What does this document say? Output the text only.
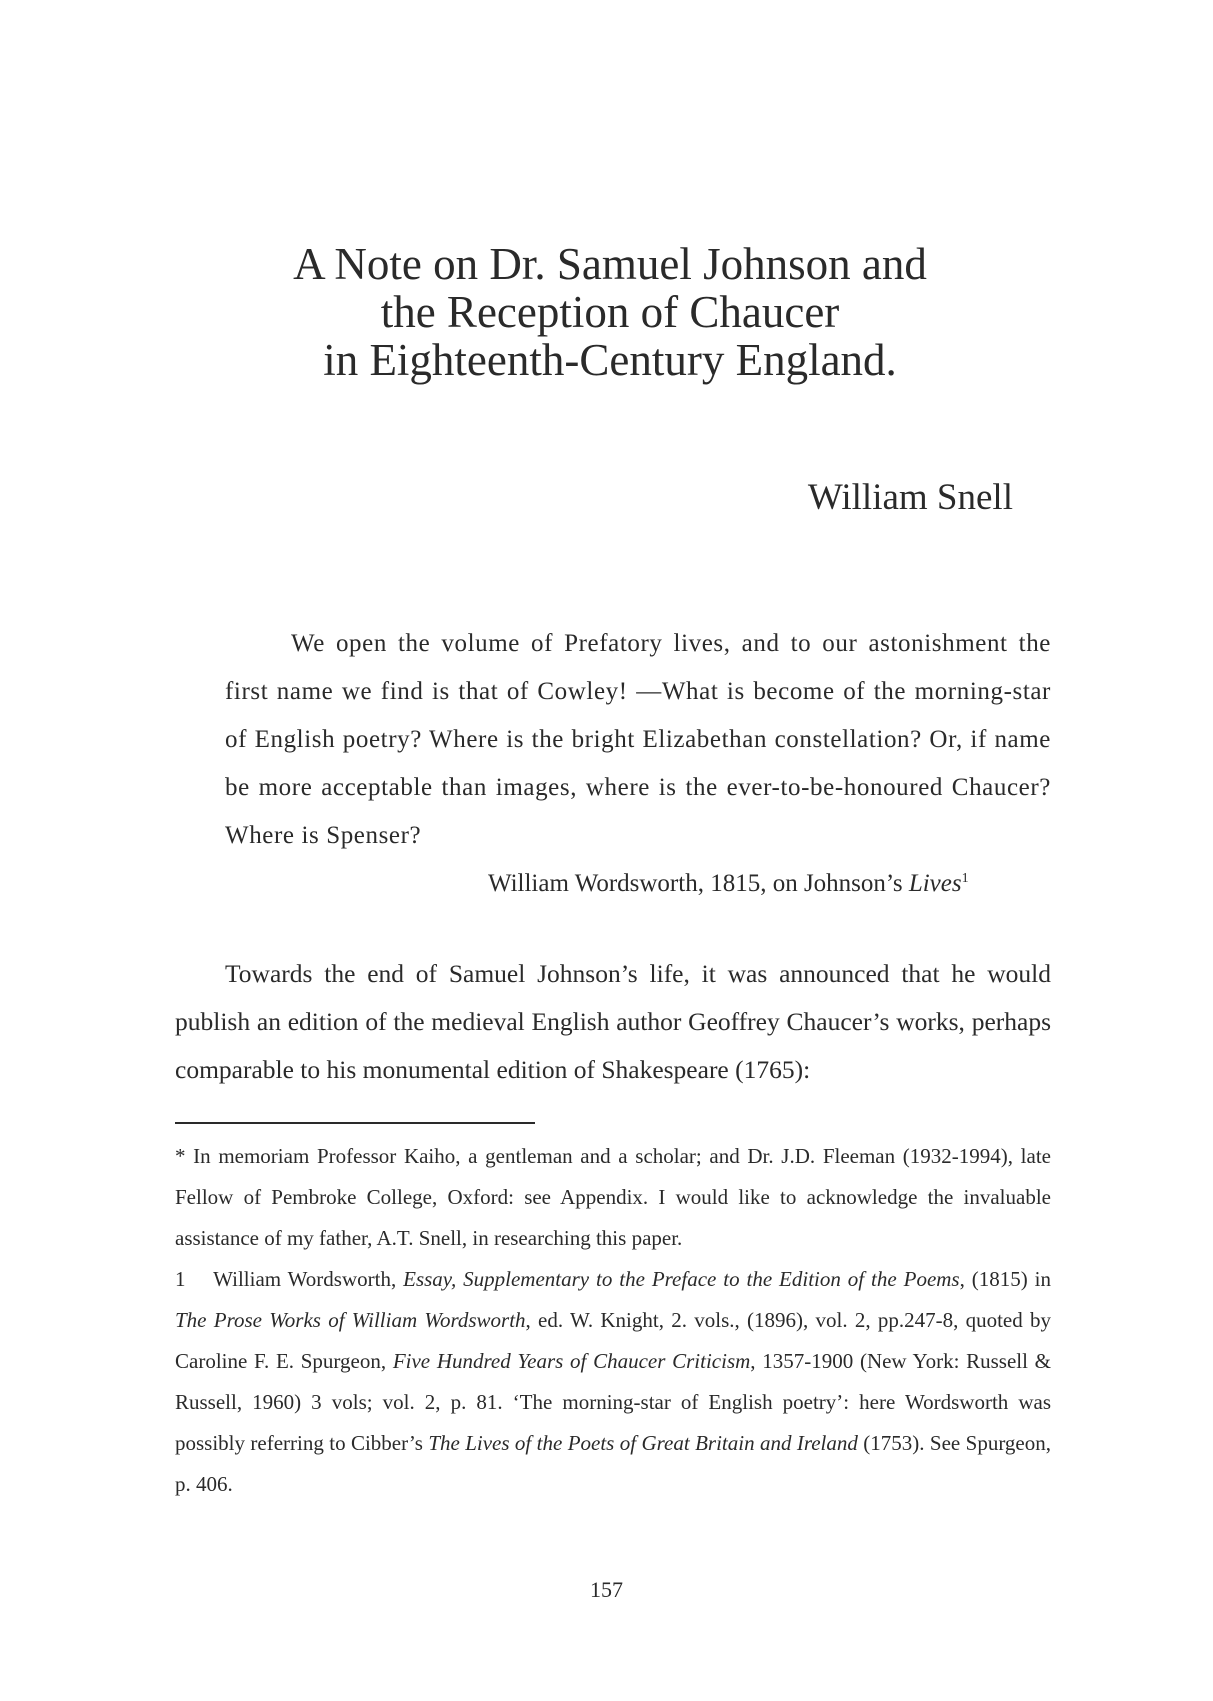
A Note on Dr. Samuel Johnson and
the Reception of Chaucer
in Eighteenth-Century England.
William Snell

We open the volume of Prefatory lives, and to our astonishment the first name we find is that of Cowley! —What is become of the morning-star of English poetry? Where is the bright Elizabethan constellation? Or, if name be more acceptable than images, where is the ever-to-be-honoured Chaucer? Where is Spenser?

William Wordsworth, 1815, on Johnson’s Lives$^1$

Towards the end of Samuel Johnson’s life, it was announced that he would publish an edition of the medieval English author Geoffrey Chaucer’s works, perhaps comparable to his monumental edition of Shakespeare (1765):

* In memoriam Professor Kaiho, a gentleman and a scholar; and Dr. J.D. Fleeman (1932-1994), late Fellow of Pembroke College, Oxford: see Appendix. I would like to acknowledge the invaluable assistance of my father, A.T. Snell, in researching this paper.

1 William Wordsworth, Essay, Supplementary to the Preface to the Edition of the Poems, (1815) in The Prose Works of William Wordsworth, ed. W. Knight, 2. vols., (1896), vol. 2, pp.247-8, quoted by Caroline F. E. Spurgeon, Five Hundred Years of Chaucer Criticism, 1357-1900 (New York: Russell & Russell, 1960) 3 vols; vol. 2, p. 81. ‘The morning-star of English poetry’: here Wordsworth was possibly referring to Cibber’s The Lives of the Poets of Great Britain and Ireland (1753). See Spurgeon, p. 406.

157
